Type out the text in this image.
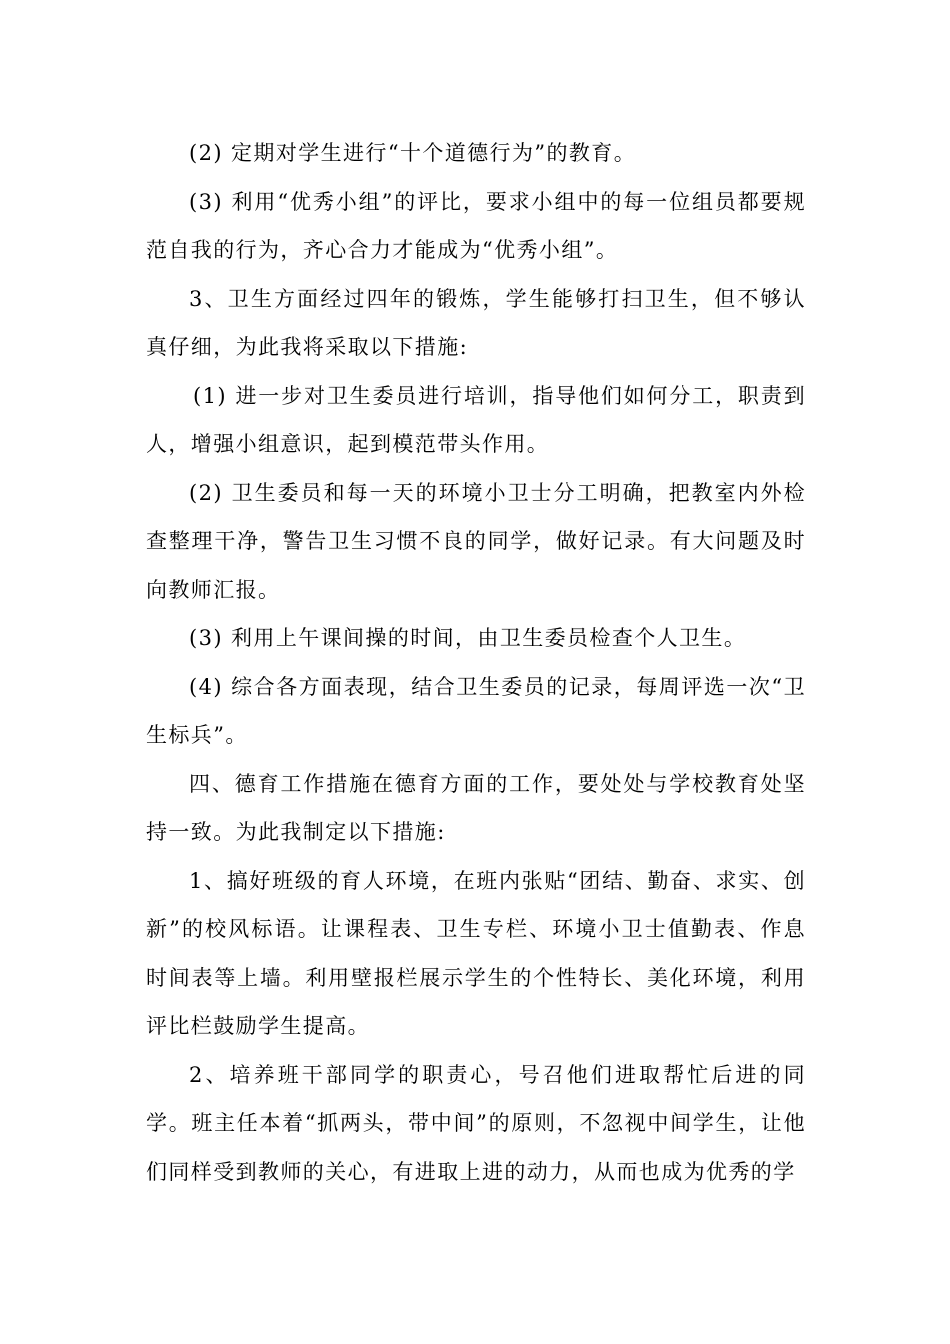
(2) 定期对学生进行“十个道德行为”的教育。

(3) 利用“优秀小组”的评比，要求小组中的每一位组员都要规范自我的行为，齐心合力才能成为“优秀小组”。

3、卫生方面经过四年的锻炼，学生能够打扫卫生，但不够认真仔细，为此我将采取以下措施:

(1) 进一步对卫生委员进行培训，指导他们如何分工，职责到人，增强小组意识，起到模范带头作用。

(2) 卫生委员和每一天的环境小卫士分工明确，把教室内外检查整理干净，警告卫生习惯不良的同学，做好记录。有大问题及时向教师汇报。

(3) 利用上午课间操的时间，由卫生委员检查个人卫生。

(4) 综合各方面表现，结合卫生委员的记录，每周评选一次“卫生标兵”。

四、德育工作措施在德育方面的工作，要处处与学校教育处坚持一致。为此我制定以下措施:

1、搞好班级的育人环境，在班内张贴“团结、勤奋、求实、创新”的校风标语。让课程表、卫生专栏、环境小卫士值勤表、作息时间表等上墙。利用壁报栏展示学生的个性特长、美化环境，利用评比栏鼓励学生提高。

2、培养班干部同学的职责心，号召他们进取帮忙后进的同学。班主任本着“抓两头，带中间”的原则，不忽视中间学生，让他们同样受到教师的关心，有进取上进的动力，从而也成为优秀的学
